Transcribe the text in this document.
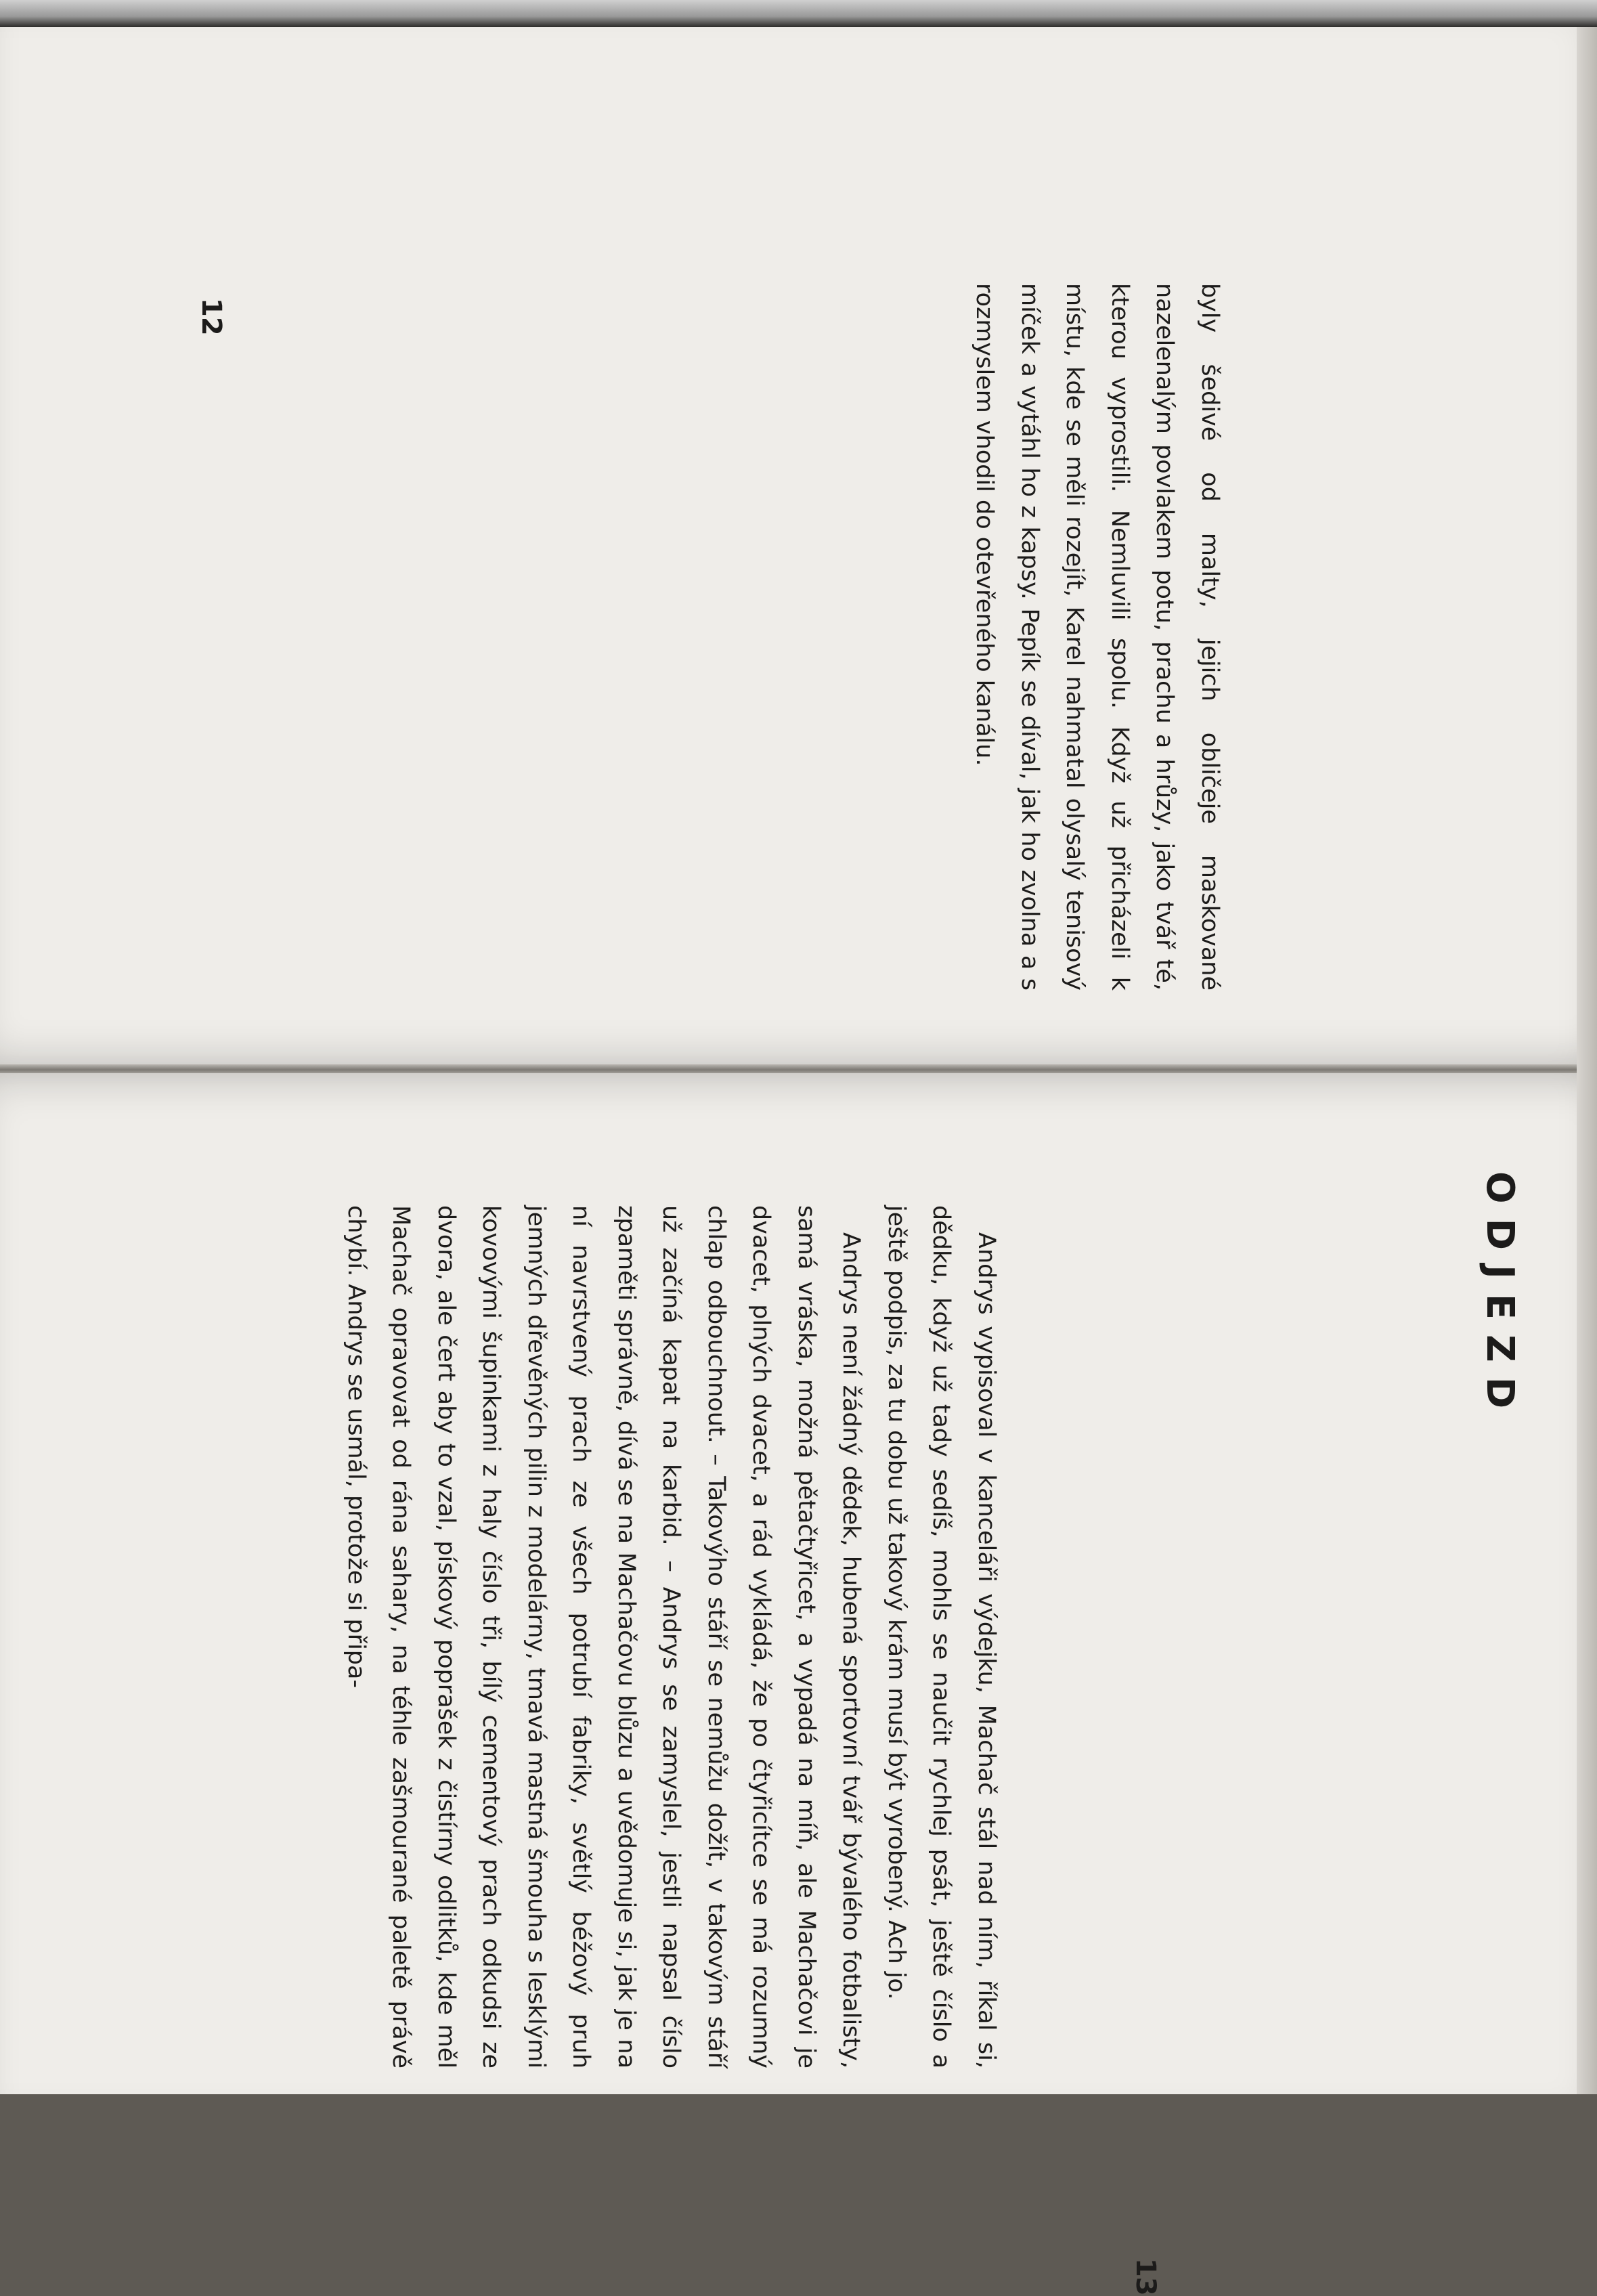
byly šedivé od malty, jejich obličeje maskované nazelenalým povlakem potu, prachu a hrůzy, jako tvář té, kterou vyprostili. Nemluvili spolu. Když už přicházeli k místu, kde se měli rozejít, Karel nahmatal olysalý tenisový míček a vytáhl ho z kapsy. Pepík se díval, jak ho zvolna a s rozmyslem vhodil do otevřeného kanálu.

12
ODJEZD

Andrys vypisoval v kanceláři výdejku, Machač stál nad ním, říkal si, dědku, když už tady sedíš, mohls se naučit rychlej psát, ještě číslo a ještě podpis, za tu dobu už takový krám musí být vyrobený. Ach jo.

Andrys není žádný dědek, hubená sportovní tvář bývalého fotbalisty, samá vráska, možná pětačtyřicet, a vypadá na míň, ale Machačovi je dvacet, plných dvacet, a rád vykládá, že po čtyřicítce se má rozumný chlap odbouchnout. – Takovýho stáří se nemůžu dožít, v takovým stáří už začíná kapat na karbid. – Andrys se zamyslel, jestli napsal číslo zpaměti správně, dívá se na Machačovu blůzu a uvědomuje si, jak je na ní navrstvený prach ze všech potrubí fabriky, světlý béžový pruh jemných dřevěných pilin z modelárny, tmavá mastná šmouha s lesklými kovovými šupinkami z haly číslo tři, bílý cementový prach odkudsi ze dvora, ale čert aby to vzal, pískový poprašek z čistírny odlitků, kde měl Machač opravovat od rána sahary, na téhle zašmourané paletě právě chybí. Andrys se usmál, protože si připa-

13
